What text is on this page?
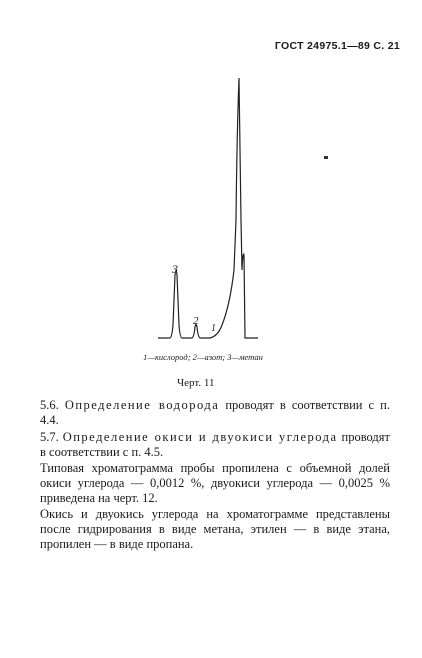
ГОСТ 24975.1—89 С. 21
3
2
1
1—кислород; 2—азот; 3—метан
Черт. 11
5.6. Определение водорода проводят в соответствии с п. 4.4.
5.7. Определение окиси и двуокиси углерода проводят в соответствии с п. 4.5.
Типовая хроматограмма пробы пропилена с объемной долей окиси углерода — 0,0012 %, двуокиси углерода — 0,0025 % приведена на черт. 12.
Окись и двуокись углерода на хроматограмме представлены после гидрирования в виде метана, этилен — в виде этана, пропилен — в виде пропана.
